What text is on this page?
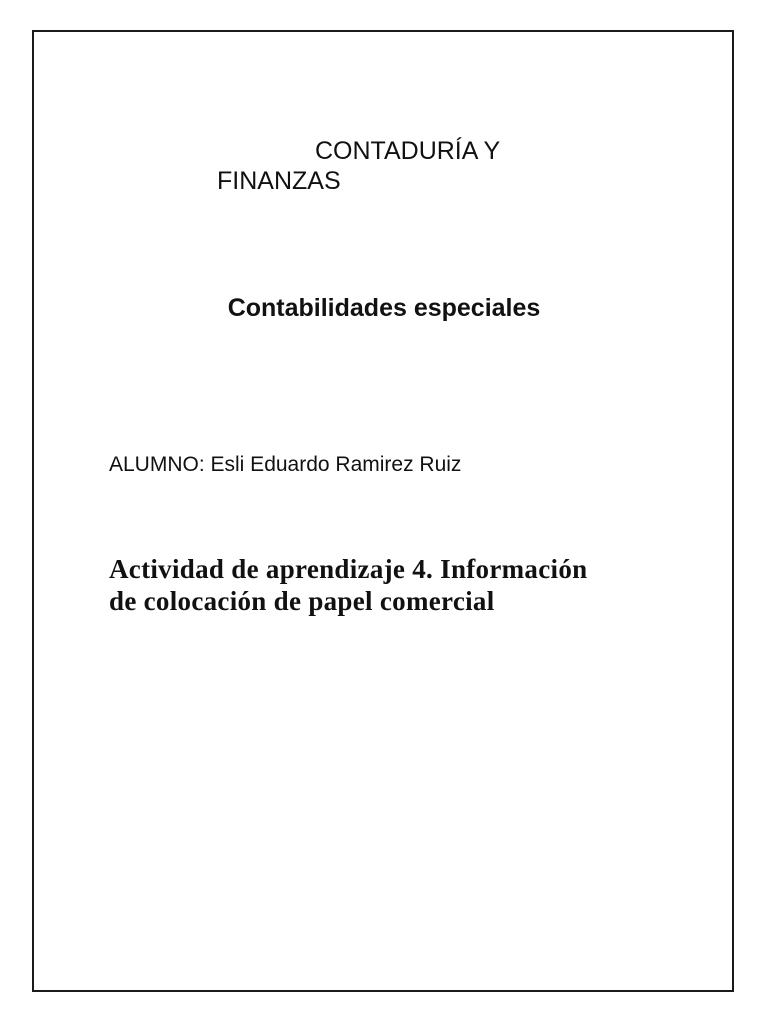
CONTADURÍA Y
FINANZAS
Contabilidades especiales
ALUMNO: Esli Eduardo Ramirez Ruiz
Actividad de aprendizaje 4. Información
de colocación de papel comercial
